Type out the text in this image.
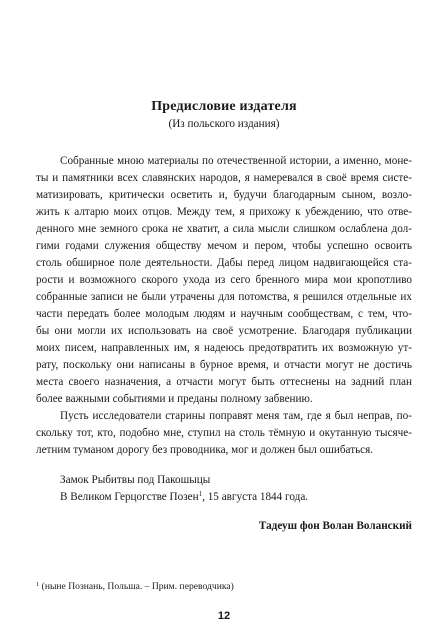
Предисловие издателя
(Из польского издания)
Собранные мною материалы по отечественной истории, а именно, моне-
ты и памятники всех славянских народов, я намеревался в своё время систе-
матизировать, критически осветить и, будучи благодарным сыном, возло-
жить к алтарю моих отцов. Между тем, я прихожу к убеждению, что отве-
денного мне земного срока не хватит, а сила мысли слишком ослаблена дол-
гими годами служения обществу мечом и пером, чтобы успешно освоить
столь обширное поле деятельности. Дабы перед лицом надвигающейся ста-
рости и возможного скорого ухода из сего бренного мира мои кропотливо
собранные записи не были утрачены для потомства, я решился отдельные их
части передать более молодым людям и научным сообществам, с тем, что-
бы они могли их использовать на своё усмотрение. Благодаря публикации
моих писем, направленных им, я надеюсь предотвратить их возможную ут-
рату, поскольку они написаны в бурное время, и отчасти могут не достичь
места своего назначения, а отчасти могут быть оттеснены на задний план
более важными событиями и преданы полному забвению.
Пусть исследователи старины поправят меня там, где я был неправ, по-
скольку тот, кто, подобно мне, ступил на столь тёмную и окутанную тысяче-
летним туманом дорогу без проводника, мог и должен был ошибаться.
Замок Рыбитвы под Пакошыцы
В Великом Герцогстве Позен$^1$, 15 августа 1844 года.
Тадеуш фон Волан Воланский
$^1$ (ныне Познань, Польша. – Прим. переводчика)
12
